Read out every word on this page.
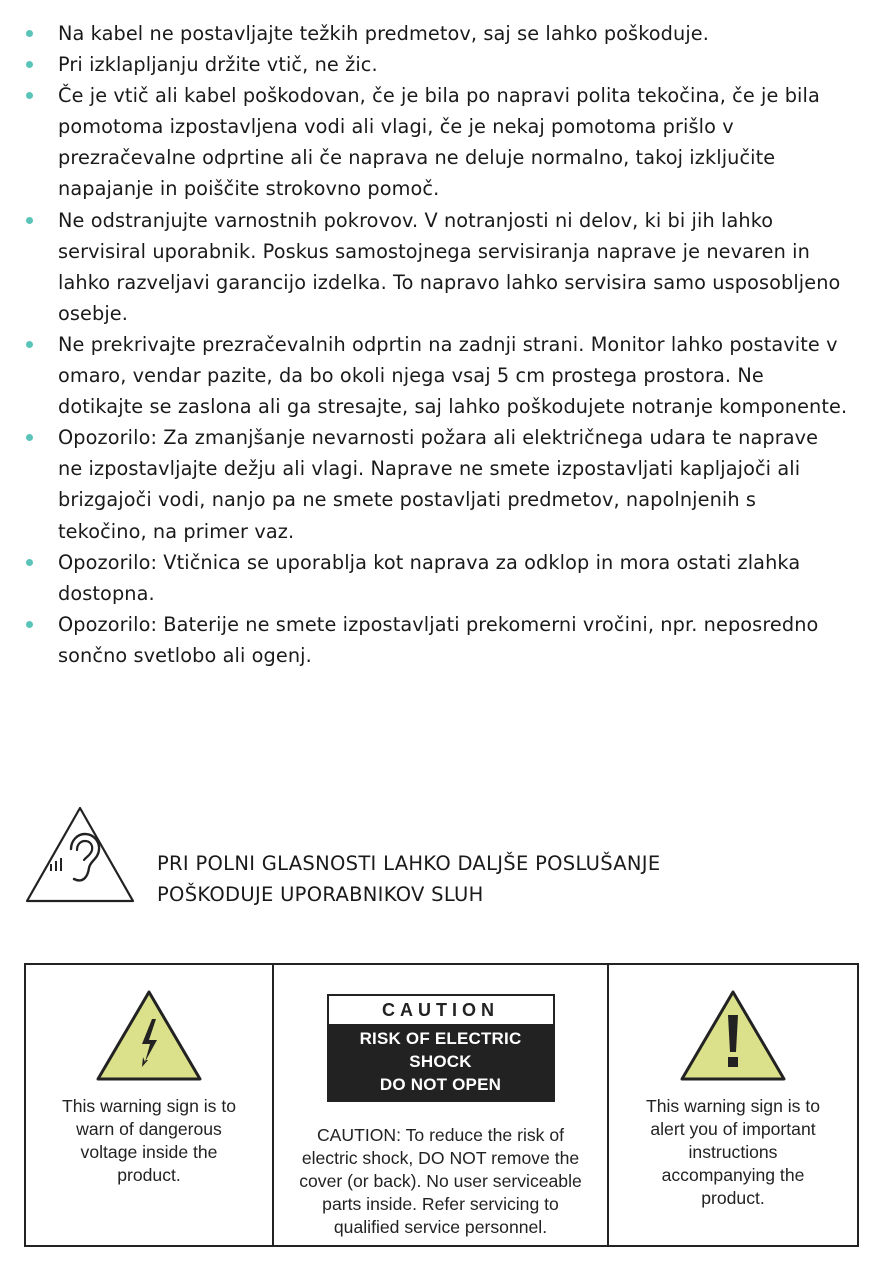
Na kabel ne postavljajte težkih predmetov, saj se lahko poškoduje.
Pri izklapljanju držite vtič, ne žic.
Če je vtič ali kabel poškodovan, če je bila po napravi polita tekočina, če je bila pomotoma izpostavljena vodi ali vlagi, če je nekaj pomotoma prišlo v prezračevalne odprtine ali če naprava ne deluje normalno, takoj izključite napajanje in poiščite strokovno pomoč.
Ne odstranjujte varnostnih pokrovov. V notranjosti ni delov, ki bi jih lahko servisiral uporabnik. Poskus samostojnega servisiranja naprave je nevaren in lahko razveljavi garancijo izdelka. To napravo lahko servisira samo usposobljeno osebje.
Ne prekrivajte prezračevalnih odprtin na zadnji strani. Monitor lahko postavite v omaro, vendar pazite, da bo okoli njega vsaj 5 cm prostega prostora. Ne dotikajte se zaslona ali ga stresajte, saj lahko poškodujete notranje komponente.
Opozorilo: Za zmanjšanje nevarnosti požara ali električnega udara te naprave ne izpostavljajte dežju ali vlagi. Naprave ne smete izpostavljati kapljajoči ali brizgajoči vodi, nanjo pa ne smete postavljati predmetov, napolnjenih s tekočino, na primer vaz.
Opozorilo: Vtičnica se uporablja kot naprava za odklop in mora ostati zlahka dostopna.
Opozorilo: Baterije ne smete izpostavljati prekomerni vročini, npr. neposredno sončno svetlobo ali ogenj.
PRI POLNI GLASNOSTI LAHKO DALJŠE POSLUŠANJE
POŠKODUJE UPORABNIKOV SLUH
This warning sign is to warn of dangerous voltage inside the product.

CAUTION
RISK OF ELECTRIC SHOCK
DO NOT OPEN
CAUTION: To reduce the risk of electric shock, DO NOT remove the cover (or back). No user serviceable parts inside. Refer servicing to qualified service personnel.

This warning sign is to alert you of important instructions accompanying the product.
